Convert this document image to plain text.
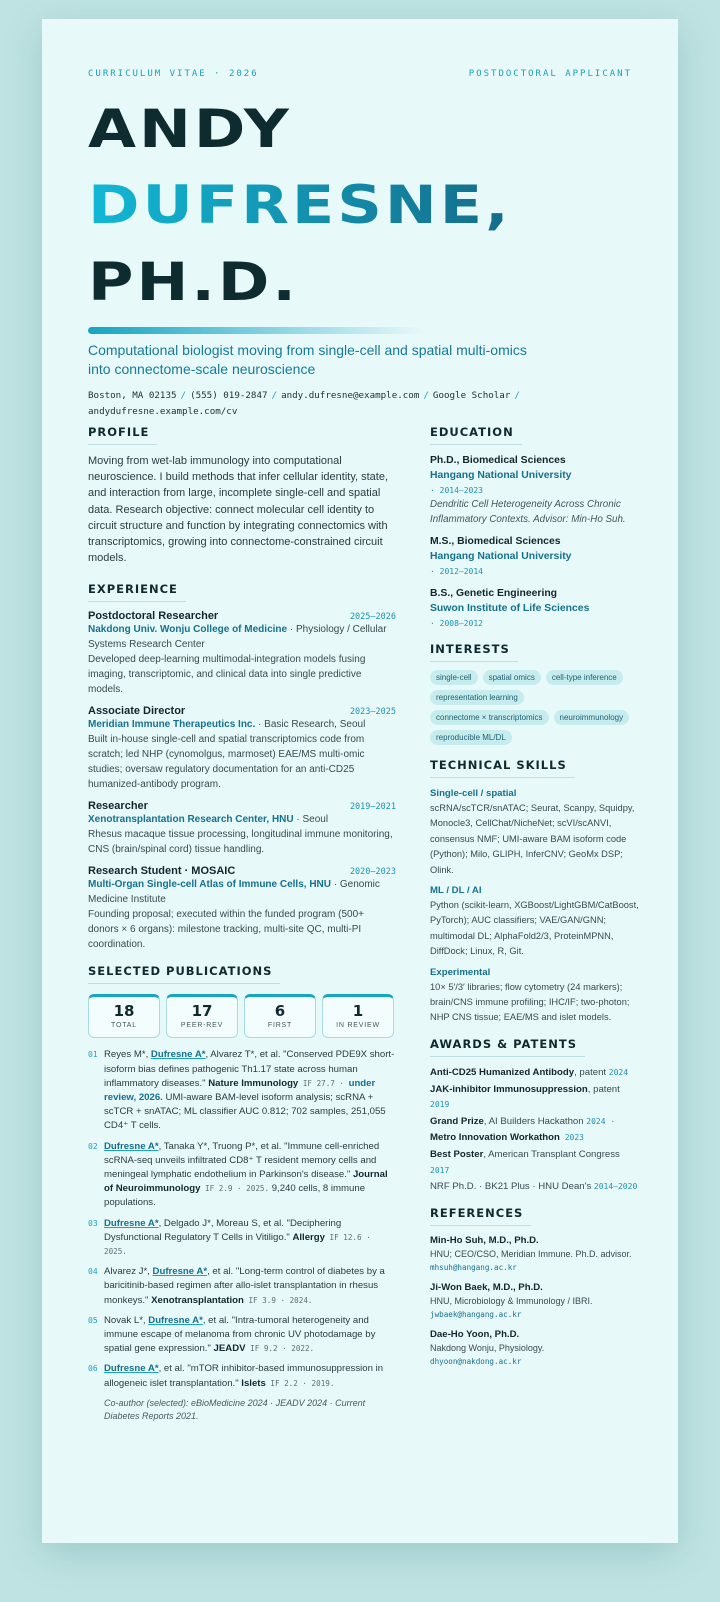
CURRICULUM VITAE · 2026	POSTDOCTORAL APPLICANT
ANDY
DUFRESNE,
PH.D.
Computational biologist moving from single-cell and spatial multi-omics into connectome-scale neuroscience
Boston, MA 02135 / (555) 019-2847 / andy.dufresne@example.com / Google Scholar /
andydufresne.example.com/cv
PROFILE
Moving from wet-lab immunology into computational neuroscience. I build methods that infer cellular identity, state, and interaction from large, incomplete single-cell and spatial data. Research objective: connect molecular cell identity to circuit structure and function by integrating connectomics with transcriptomics, growing into connectome-constrained circuit models.
EXPERIENCE
Postdoctoral Researcher	2025–2026
Nakdong Univ. Wonju College of Medicine · Physiology / Cellular Systems Research Center
Developed deep-learning multimodal-integration models fusing imaging, transcriptomic, and clinical data into single predictive models.
Associate Director	2023–2025
Meridian Immune Therapeutics Inc. · Basic Research, Seoul
Built in-house single-cell and spatial transcriptomics code from scratch; led NHP (cynomolgus, marmoset) EAE/MS multi-omic studies; oversaw regulatory documentation for an anti-CD25 humanized-antibody program.
Researcher	2019–2021
Xenotransplantation Research Center, HNU · Seoul
Rhesus macaque tissue processing, longitudinal immune monitoring, CNS (brain/spinal cord) tissue handling.
Research Student · MOSAIC	2020–2023
Multi-Organ Single-cell Atlas of Immune Cells, HNU · Genomic Medicine Institute
Founding proposal; executed within the funded program (500+ donors × 6 organs): milestone tracking, multi-site QC, multi-PI coordination.
SELECTED PUBLICATIONS
18
TOTAL
17
PEER-REV
6
FIRST
1
IN REVIEW
01 Reyes M*, Dufresne A*, Alvarez T*, et al. "Conserved PDE9X short-isoform bias defines pathogenic Th1.17 state across human inflammatory diseases." Nature Immunology IF 27.7 · under review, 2026. UMI-aware BAM-level isoform analysis; scRNA + scTCR + snATAC; ML classifier AUC 0.812; 702 samples, 251,055 CD4⁺ T cells.
02 Dufresne A*, Tanaka Y*, Truong P*, et al. "Immune cell-enriched scRNA-seq unveils infiltrated CD8⁺ T resident memory cells and meningeal lymphatic endothelium in Parkinson's disease." Journal of Neuroimmunology IF 2.9 · 2025. 9,240 cells, 8 immune populations.
03 Dufresne A*, Delgado J*, Moreau S, et al. "Deciphering Dysfunctional Regulatory T Cells in Vitiligo." Allergy IF 12.6 · 2025.
04 Alvarez J*, Dufresne A*, et al. "Long-term control of diabetes by a baricitinib-based regimen after allo-islet transplantation in rhesus monkeys." Xenotransplantation IF 3.9 · 2024.
05 Novak L*, Dufresne A*, et al. "Intra-tumoral heterogeneity and immune escape of melanoma from chronic UV photodamage by spatial gene expression." JEADV IF 9.2 · 2022.
06 Dufresne A*, et al. "mTOR inhibitor-based immunosuppression in allogeneic islet transplantation." Islets IF 2.2 · 2019.
Co-author (selected): eBioMedicine 2024 · JEADV 2024 · Current Diabetes Reports 2021.
EDUCATION
Ph.D., Biomedical Sciences
Hangang National University
· 2014–2023
Dendritic Cell Heterogeneity Across Chronic Inflammatory Contexts. Advisor: Min-Ho Suh.
M.S., Biomedical Sciences
Hangang National University
· 2012–2014
B.S., Genetic Engineering
Suwon Institute of Life Sciences
· 2008–2012
INTERESTS
single-cell	spatial omics	cell-type inference
representation learning
connectome × transcriptomics	neuroimmunology
reproducible ML/DL
TECHNICAL SKILLS
Single-cell / spatial
scRNA/scTCR/snATAC; Seurat, Scanpy, Squidpy, Monocle3, CellChat/NicheNet; scVI/scANVI, consensus NMF; UMI-aware BAM isoform code (Python); Milo, GLIPH, InferCNV; GeoMx DSP; Olink.
ML / DL / AI
Python (scikit-learn, XGBoost/LightGBM/CatBoost, PyTorch); AUC classifiers; VAE/GAN/GNN; multimodal DL; AlphaFold2/3, ProteinMPNN, DiffDock; Linux, R, Git.
Experimental
10× 5′/3′ libraries; flow cytometry (24 markers); brain/CNS immune profiling; IHC/IF; two-photon; NHP CNS tissue; EAE/MS and islet models.
AWARDS & PATENTS
Anti-CD25 Humanized Antibody, patent 2024
JAK-inhibitor Immunosuppression, patent 2019
Grand Prize, AI Builders Hackathon 2024 ·
Metro Innovation Workathon 2023
Best Poster, American Transplant Congress 2017
NRF Ph.D. · BK21 Plus · HNU Dean's 2014–2020
REFERENCES
Min-Ho Suh, M.D., Ph.D.
HNU; CEO/CSO, Meridian Immune. Ph.D. advisor. mhsuh@hangang.ac.kr
Ji-Won Baek, M.D., Ph.D.
HNU, Microbiology & Immunology / IBRI.
jwbaek@hangang.ac.kr
Dae-Ho Yoon, Ph.D.
Nakdong Wonju, Physiology.
dhyoon@nakdong.ac.kr
